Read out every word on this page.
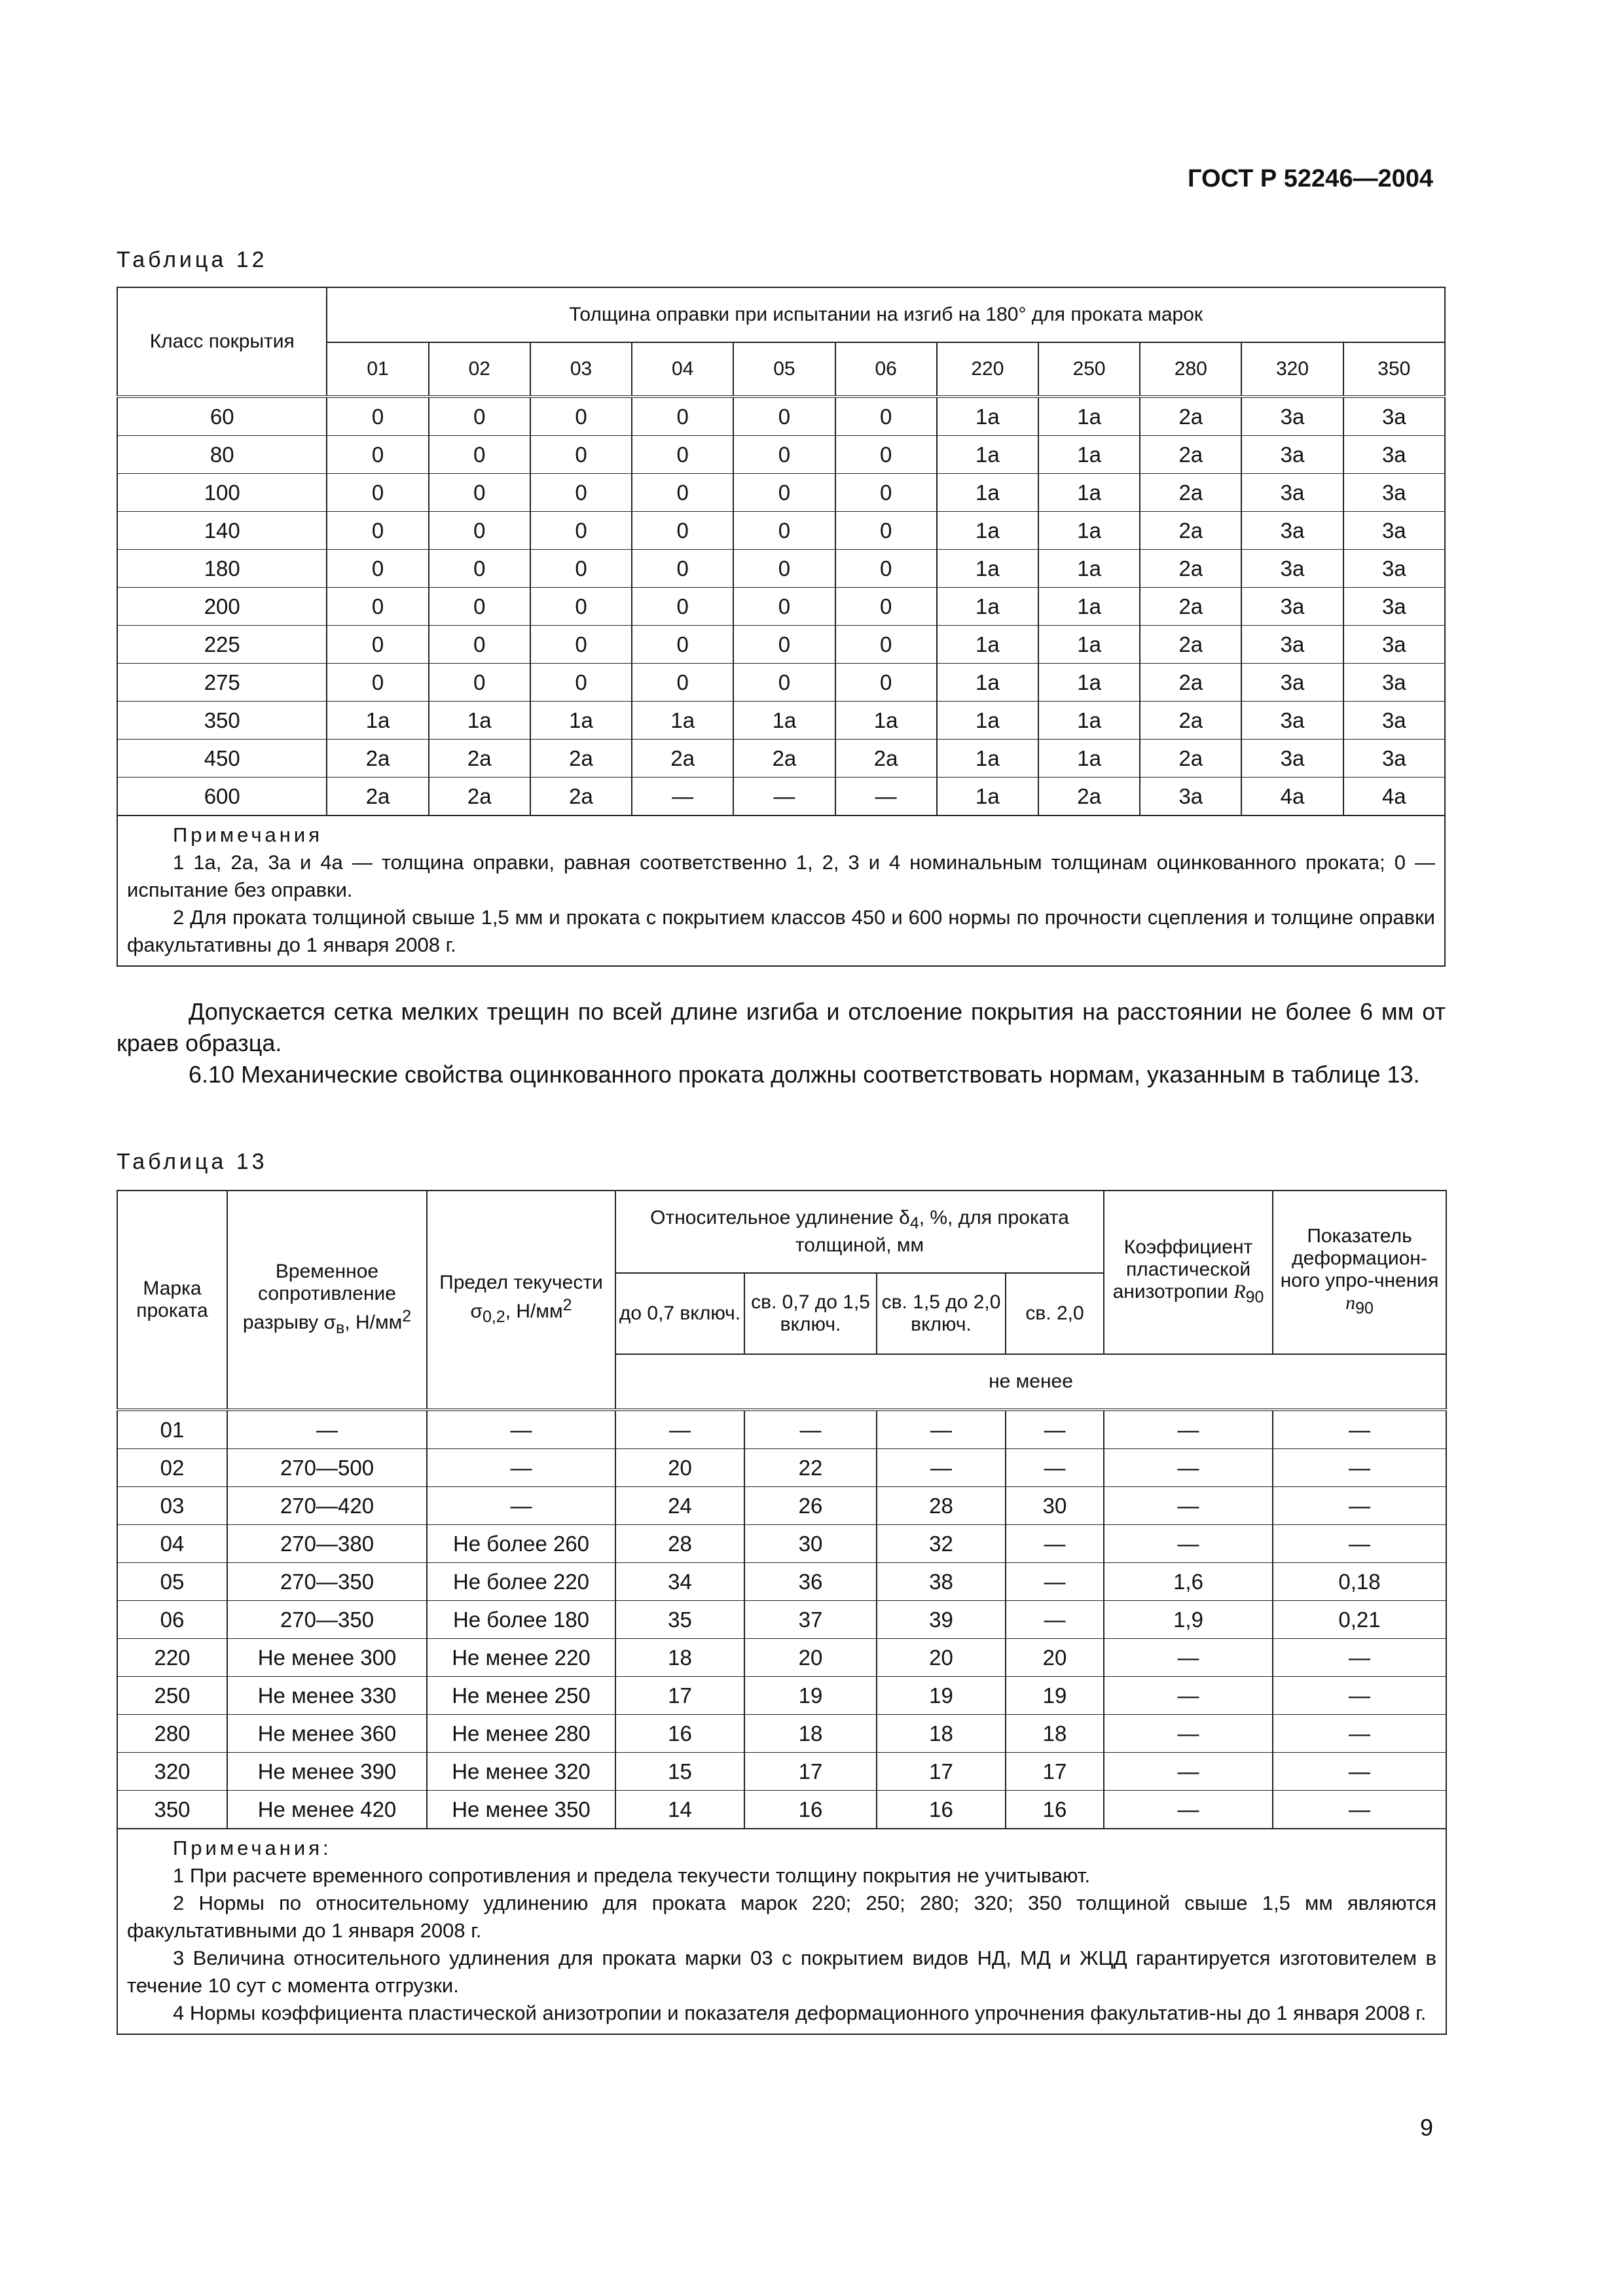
ГОСТ Р 52246—2004
Таблица 12
Класс покрытия	Толщина оправки при испытании на изгиб на 180° для проката марок										
	01	02	03	04	05	06	220	250	280	320	350
60	0	0	0	0	0	0	1а	1а	2а	3а	3а
80	0	0	0	0	0	0	1а	1а	2а	3а	3а
100	0	0	0	0	0	0	1а	1а	2а	3а	3а
140	0	0	0	0	0	0	1а	1а	2а	3а	3а
180	0	0	0	0	0	0	1а	1а	2а	3а	3а
200	0	0	0	0	0	0	1а	1а	2а	3а	3а
225	0	0	0	0	0	0	1а	1а	2а	3а	3а
275	0	0	0	0	0	0	1а	1а	2а	3а	3а
350	1а	1а	1а	1а	1а	1а	1а	1а	2а	3а	3а
450	2а	2а	2а	2а	2а	2а	1а	1а	2а	3а	3а
600	2а	2а	2а	—	—	—	1а	2а	3а	4а	4а

Примечания

1 1а, 2а, 3а и 4а — толщина оправки, равная соответственно 1, 2, 3 и 4 номинальным толщинам оцинкованного проката; 0 — испытание без оправки.

2 Для проката толщиной свыше 1,5 мм и проката с покрытием классов 450 и 600 нормы по прочности сцепления и толщине оправки факультативны до 1 января 2008 г.											

Допускается сетка мелких трещин по всей длине изгиба и отслоение покрытия на расстоянии не более 6 мм от краев образца.

6.10 Механические свойства оцинкованного проката должны соответствовать нормам, указанным в таблице 13.

Таблица 13
Марка проката	Временное сопротивление разрыву $\sigma_в$, $Н/мм^2$	Предел текучести $\sigma_{0,2}$, $Н/мм^2$	Относительное удлинение $\delta_4$, %, для проката толщиной, мм				Коэффициент пластической анизотропии $R_{90}$	Показатель деформацион-ного упро-чнения $n_{90}$
			до 0,7 включ.	св. 0,7 до 1,5 включ.	св. 1,5 до 2,0 включ.	св. 2,0		
			не менее					
01	—	—	—	—	—	—	—	—
02	270—500	—	20	22	—	—	—	—
03	270—420	—	24	26	28	30	—	—
04	270—380	Не более 260	28	30	32	—	—	—
05	270—350	Не более 220	34	36	38	—	1,6	0,18
06	270—350	Не более 180	35	37	39	—	1,9	0,21
220	Не менее 300	Не менее 220	18	20	20	20	—	—
250	Не менее 330	Не менее 250	17	19	19	19	—	—
280	Не менее 360	Не менее 280	16	18	18	18	—	—
320	Не менее 390	Не менее 320	15	17	17	17	—	—
350	Не менее 420	Не менее 350	14	16	16	16	—	—

Примечания:

1 При расчете временного сопротивления и предела текучести толщину покрытия не учитывают.

2 Нормы по относительному удлинению для проката марок 220; 250; 280; 320; 350 толщиной свыше 1,5 мм являются факультативными до 1 января 2008 г.

3 Величина относительного удлинения для проката марки 03 с покрытием видов НД, МД и ЖЦД гарантируется изготовителем в течение 10 сут с момента отгрузки.

4 Нормы коэффициента пластической анизотропии и показателя деформационного упрочнения факультатив-ны до 1 января 2008 г.								

9
